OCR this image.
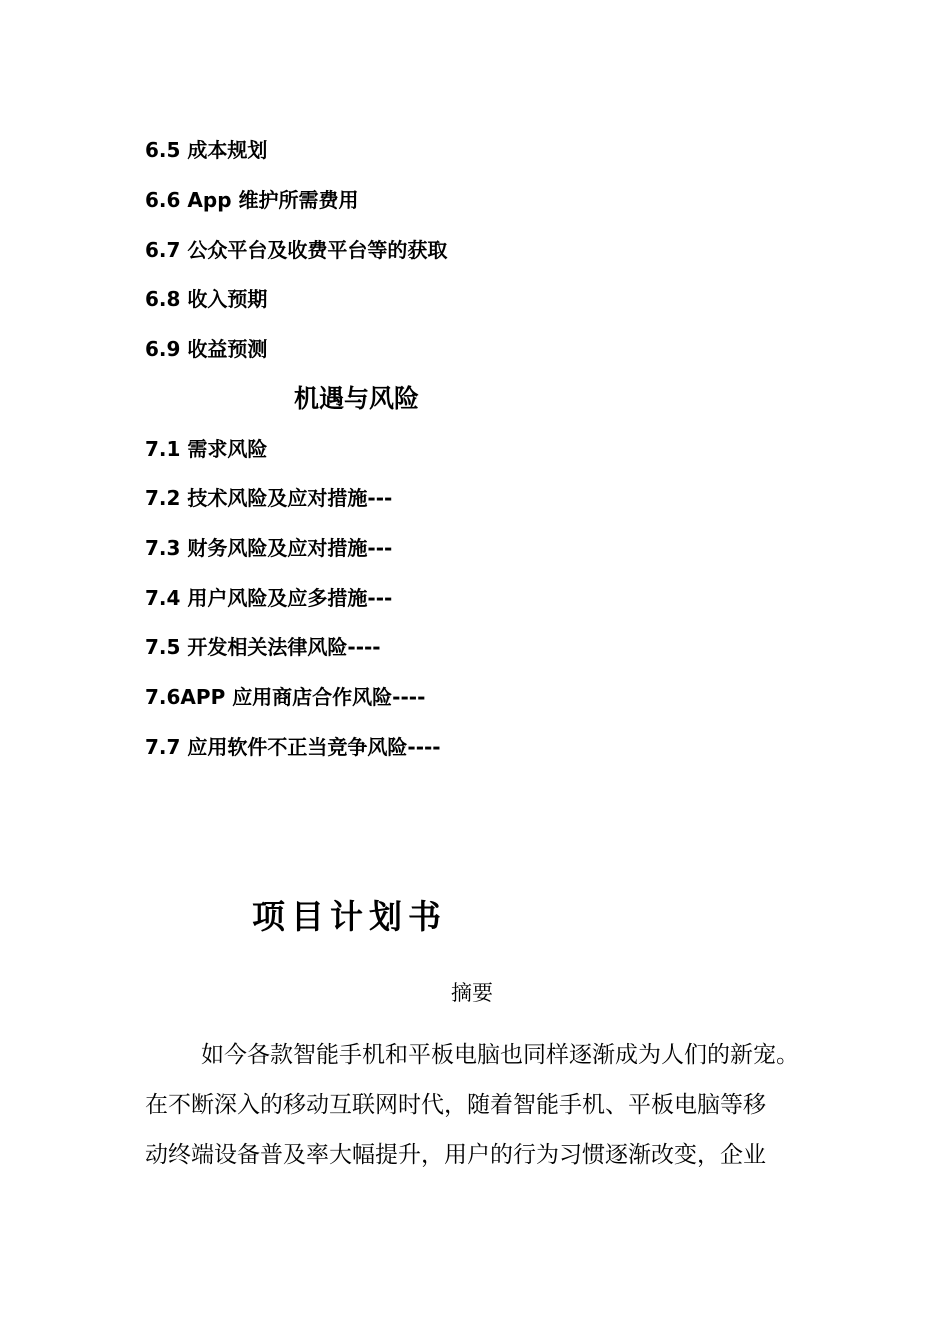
6.5 成本规划
6.6 App 维护所需费用
6.7 公众平台及收费平台等的获取
6.8 收入预期
6.9 收益预测
机遇与风险
7.1 需求风险
7.2 技术风险及应对措施---
7.3 财务风险及应对措施---
7.4 用户风险及应多措施---
7.5 开发相关法律风险----
7.6APP 应用商店合作风险----
7.7 应用软件不正当竞争风险----
项目计划书
摘要
如今各款智能手机和平板电脑也同样逐渐成为人们的新宠。
在不断深入的移动互联网时代，随着智能手机、平板电脑等移
动终端设备普及率大幅提升，用户的行为习惯逐渐改变，企业
